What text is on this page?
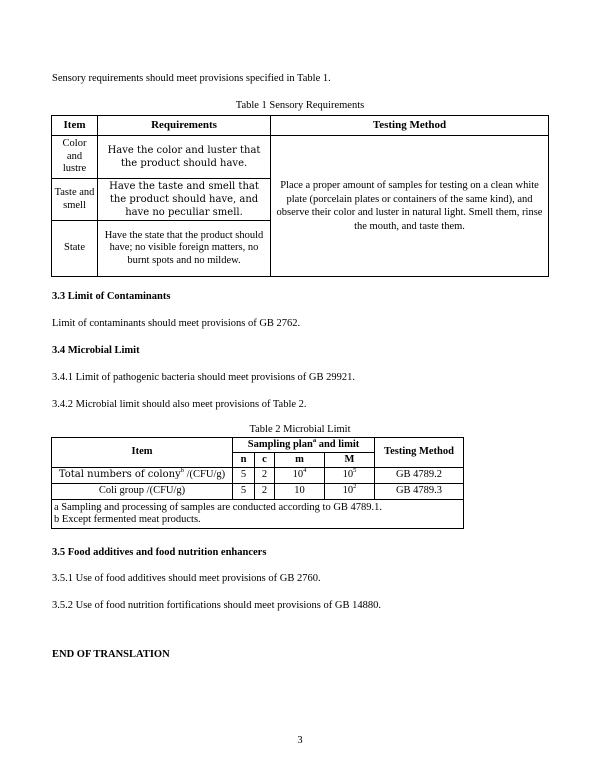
Sensory requirements should meet provisions specified in Table 1.

Table 1 Sensory Requirements

Item	Requirements	Testing Method
Color and lustre	Have the color and luster that the product should have.	Place a proper amount of samples for testing on a clean white plate (porcelain plates or containers of the same kind), and observe their color and luster in natural light. Smell them, rinse the mouth, and taste them.
Taste and smell	Have the taste and smell that the product should have, and have no peculiar smell.	
State	Have the state that the product should have; no visible foreign matters, no burnt spots and no mildew.	

3.3 Limit of Contaminants

Limit of contaminants should meet provisions of GB 2762.

3.4 Microbial Limit

3.4.1 Limit of pathogenic bacteria should meet provisions of GB 29921.

3.4.2 Microbial limit should also meet provisions of Table 2.

Table 2 Microbial Limit

Item	Sampling plan$^a$ and limit				Testing Method
	n	c	m	M	
Total numbers of colony$^b$ /(CFU/g)	5	2	$10^4$	$10^5$	GB 4789.2
Coli group /(CFU/g)	5	2	10	$10^2$	GB 4789.3

a Sampling and processing of samples are conducted according to GB 4789.1.
b Except fermented meat products.					

3.5 Food additives and food nutrition enhancers

3.5.1 Use of food additives should meet provisions of GB 2760.

3.5.2 Use of food nutrition fortifications should meet provisions of GB 14880.

END OF TRANSLATION

3
